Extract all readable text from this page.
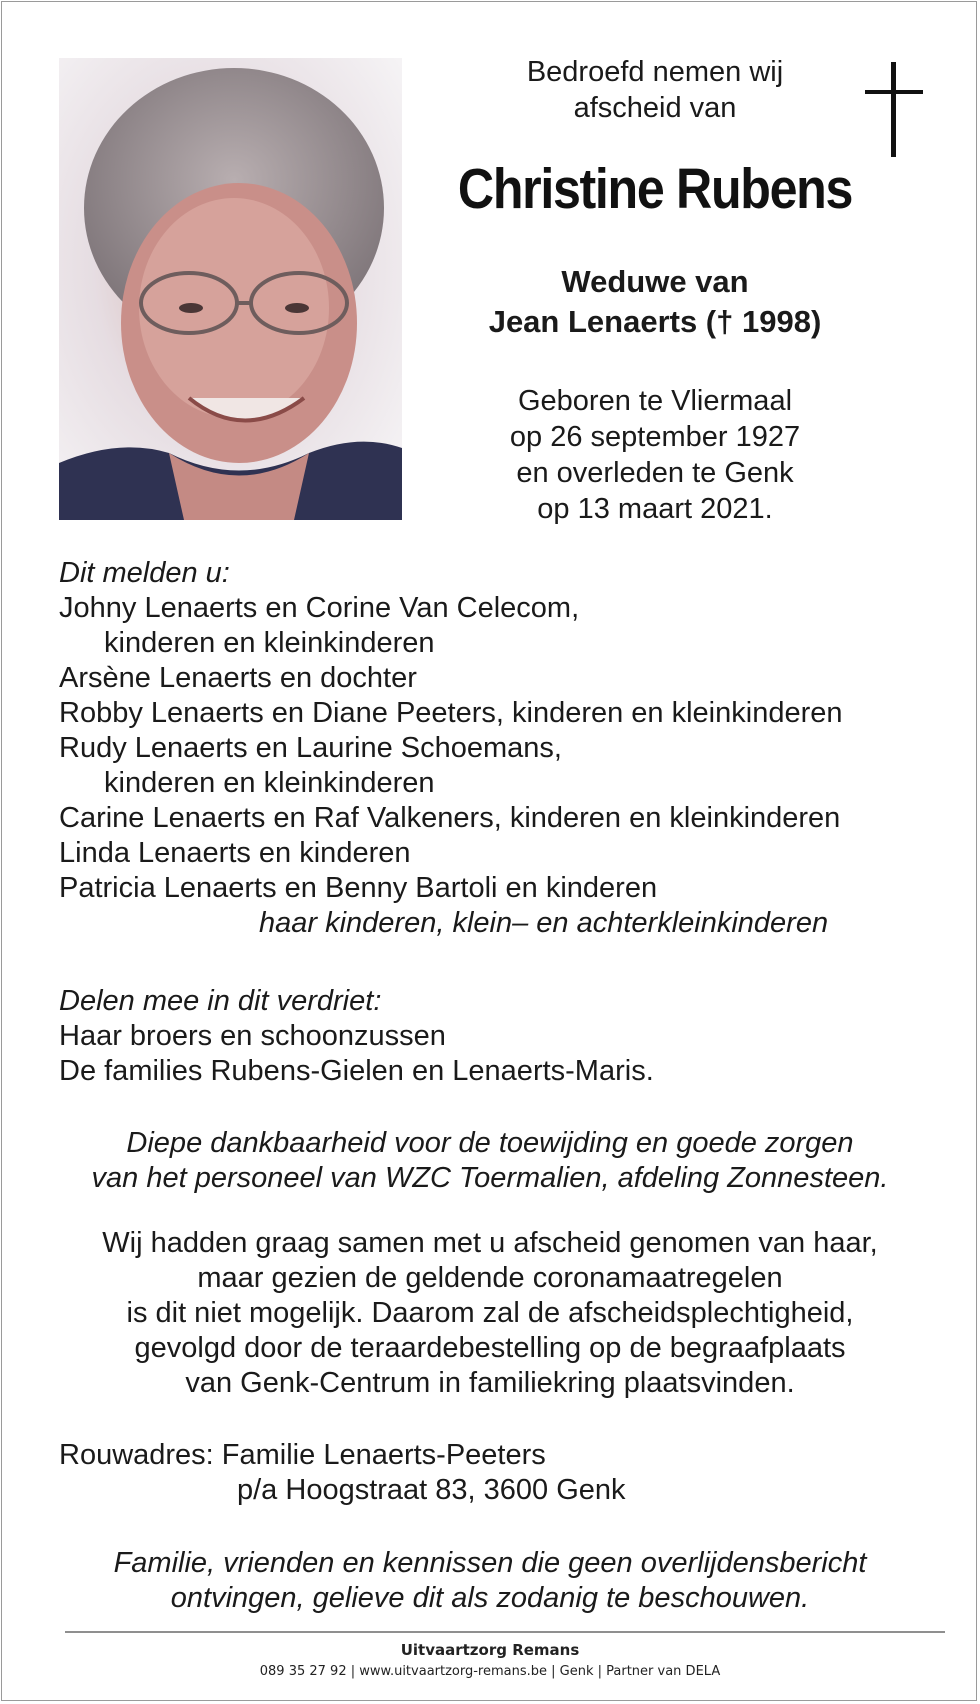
Bedroefd nemen wij
afscheid van
Christine Rubens
Weduwe van
Jean Lenaerts († 1998)
Geboren te Vliermaal
op 26 september 1927
en overleden te Genk
op 13 maart 2021.
Dit melden u:
Johny Lenaerts en Corine Van Celecom,
kinderen en kleinkinderen
Arsène Lenaerts en dochter
Robby Lenaerts en Diane Peeters, kinderen en kleinkinderen
Rudy Lenaerts en Laurine Schoemans,
kinderen en kleinkinderen
Carine Lenaerts en Raf Valkeners, kinderen en kleinkinderen
Linda Lenaerts en kinderen
Patricia Lenaerts en Benny Bartoli en kinderen
haar kinderen, klein– en achterkleinkinderen
Delen mee in dit verdriet:
Haar broers en schoonzussen
De families Rubens-Gielen en Lenaerts-Maris.
Diepe dankbaarheid voor de toewijding en goede zorgen
van het personeel van WZC Toermalien, afdeling Zonnesteen.
Wij hadden graag samen met u afscheid genomen van haar,
maar gezien de geldende coronamaatregelen
is dit niet mogelijk. Daarom zal de afscheidsplechtigheid,
gevolgd door de teraardebestelling op de begraafplaats
van Genk-Centrum in familiekring plaatsvinden.
Rouwadres: Familie Lenaerts-Peeters
p/a Hoogstraat 83, 3600 Genk
Familie, vrienden en kennissen die geen overlijdensbericht
ontvingen, gelieve dit als zodanig te beschouwen.
Uitvaartzorg Remans
089 35 27 92 | www.uitvaartzorg-remans.be | Genk | Partner van DELA
